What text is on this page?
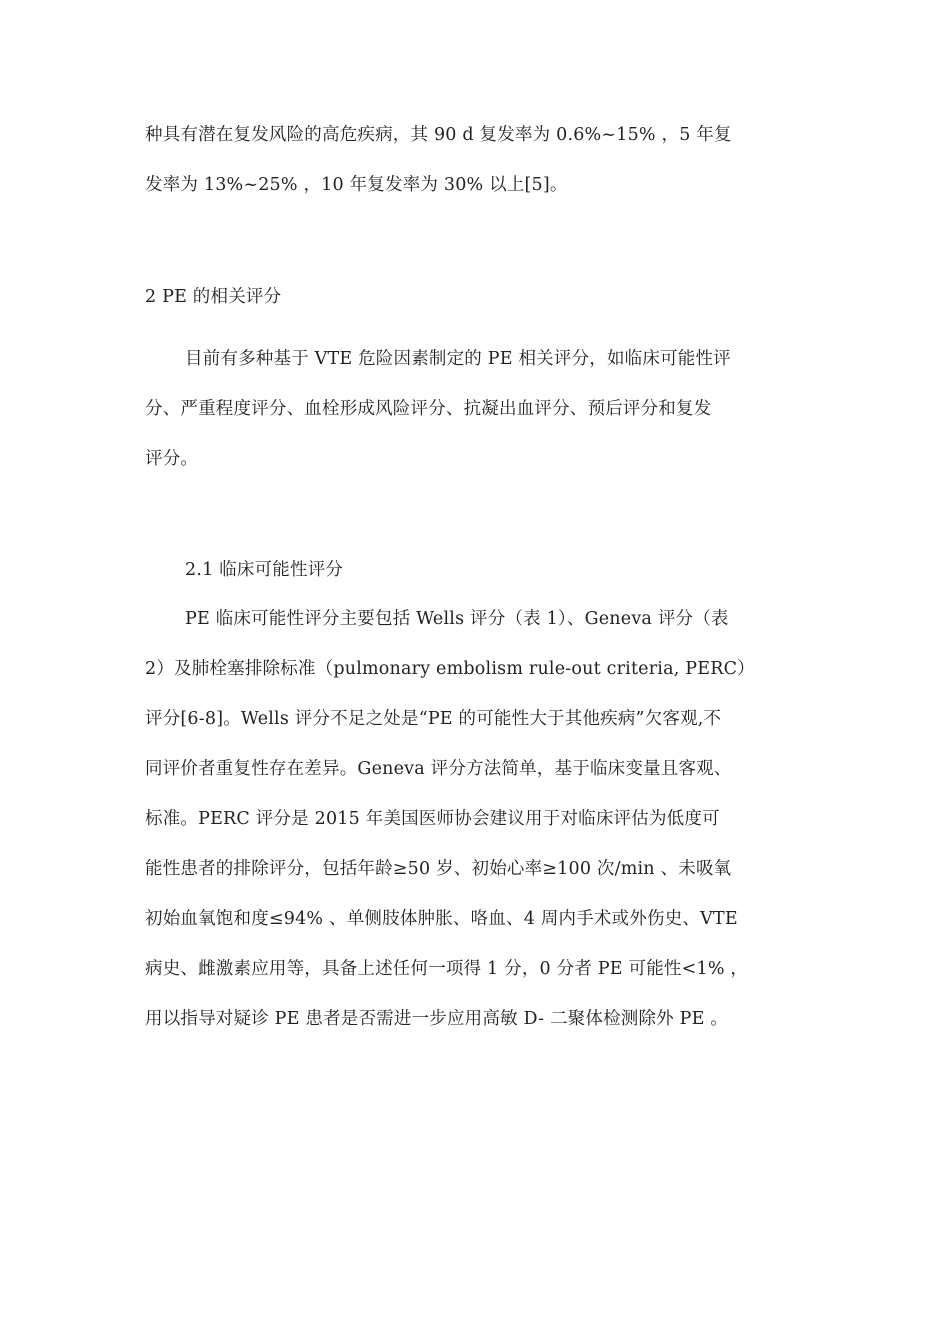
种具有潜在复发风险的高危疾病，其 90 d 复发率为 0.6%~15% ，5 年复
发率为 13%~25% ，10 年复发率为 30% 以上[5]。
2 PE 的相关评分
目前有多种基于 VTE 危险因素制定的 PE 相关评分，如临床可能性评
分、严重程度评分、血栓形成风险评分、抗凝出血评分、预后评分和复发
评分。
2.1 临床可能性评分
PE 临床可能性评分主要包括 Wells 评分（表 1）、Geneva 评分（表
2）及肺栓塞排除标准（pulmonary embolism rule-out criteria, PERC）
评分[6-8]。Wells 评分不足之处是“PE 的可能性大于其他疾病”欠客观,不
同评价者重复性存在差异。Geneva 评分方法简单，基于临床变量且客观、
标准。PERC 评分是 2015 年美国医师协会建议用于对临床评估为低度可
能性患者的排除评分，包括年龄≥50 岁、初始心率≥100 次/min 、未吸氧
初始血氧饱和度≤94% 、单侧肢体肿胀、咯血、4 周内手术或外伤史、VTE
病史、雌激素应用等，具备上述任何一项得 1 分，0 分者 PE 可能性<1% ，
用以指导对疑诊 PE 患者是否需进一步应用高敏 D- 二聚体检测除外 PE 。
